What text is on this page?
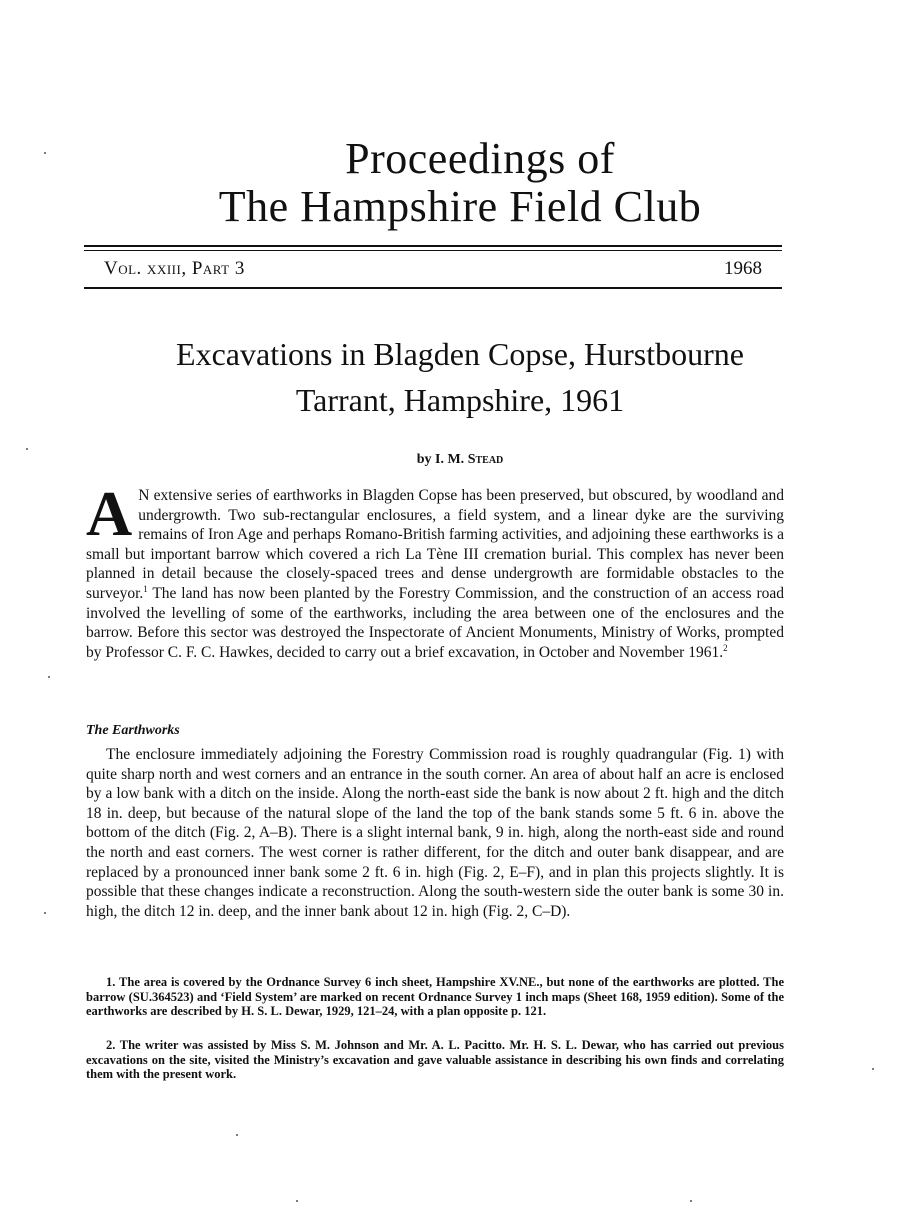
Proceedings of
The Hampshire Field Club
Vol. xxiii, Part 3	1968
Excavations in Blagden Copse, Hurstbourne
Tarrant, Hampshire, 1961
by I. M. Stead
A N extensive series of earthworks in Blagden Copse has been preserved, but obscured, by woodland and undergrowth. Two sub-rectangular enclosures, a field system, and a linear dyke are the surviving remains of Iron Age and perhaps Romano-British farming activities, and adjoining these earthworks is a small but important barrow which covered a rich La Tène III cremation burial. This complex has never been planned in detail because the closely-spaced trees and dense undergrowth are formidable obstacles to the surveyor.$^1$ The land has now been planted by the Forestry Commission, and the construction of an access road involved the levelling of some of the earthworks, including the area between one of the enclosures and the barrow. Before this sector was destroyed the Inspectorate of Ancient Monuments, Ministry of Works, prompted by Professor C. F. C. Hawkes, decided to carry out a brief excavation, in October and November 1961.$^2$
The Earthworks
The enclosure immediately adjoining the Forestry Commission road is roughly quadrangular (Fig. 1) with quite sharp north and west corners and an entrance in the south corner. An area of about half an acre is enclosed by a low bank with a ditch on the inside. Along the north-east side the bank is now about 2 ft. high and the ditch 18 in. deep, but because of the natural slope of the land the top of the bank stands some 5 ft. 6 in. above the bottom of the ditch (Fig. 2, A–B). There is a slight internal bank, 9 in. high, along the north-east side and round the north and east corners. The west corner is rather different, for the ditch and outer bank disappear, and are replaced by a pronounced inner bank some 2 ft. 6 in. high (Fig. 2, E–F), and in plan this projects slightly. It is possible that these changes indicate a reconstruction. Along the south-western side the outer bank is some 30 in. high, the ditch 12 in. deep, and the inner bank about 12 in. high (Fig. 2, C–D).
1. The area is covered by the Ordnance Survey 6 inch sheet, Hampshire XV.NE., but none of the earthworks are plotted. The barrow (SU.364523) and ‘Field System’ are marked on recent Ordnance Survey 1 inch maps (Sheet 168, 1959 edition). Some of the earthworks are described by H. S. L. Dewar, 1929, 121–24, with a plan opposite p. 121.
2. The writer was assisted by Miss S. M. Johnson and Mr. A. L. Pacitto. Mr. H. S. L. Dewar, who has carried out previous excavations on the site, visited the Ministry’s excavation and gave valuable assistance in describing his own finds and correlating them with the present work.
